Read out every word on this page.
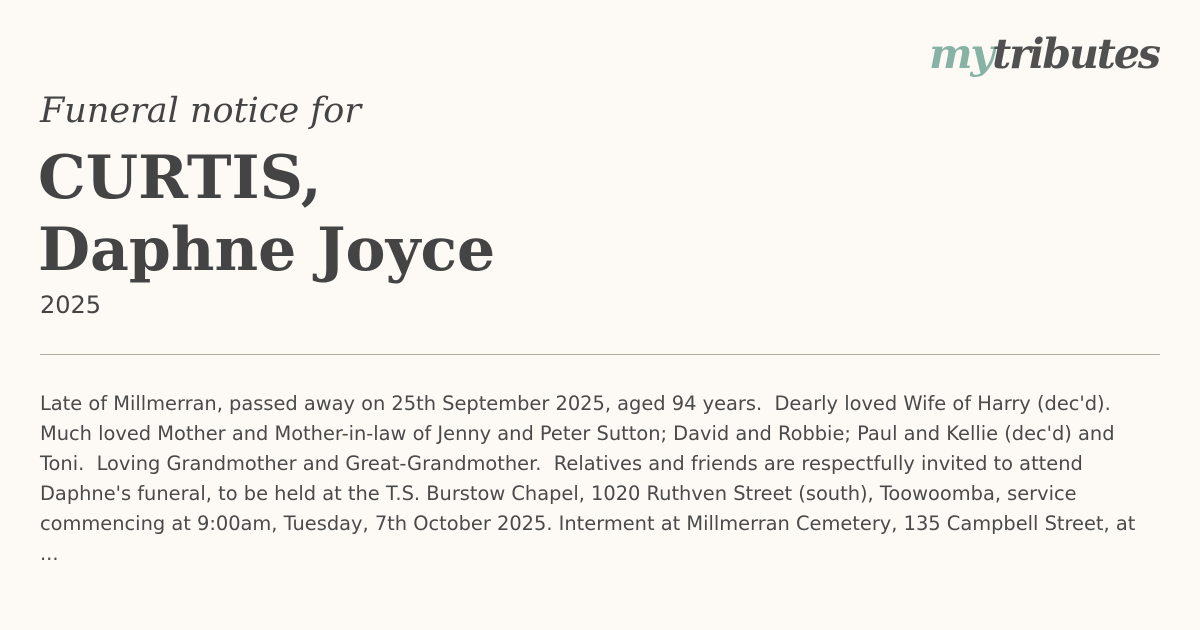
mytributes
Funeral notice for
CURTIS,
Daphne Joyce
2025

Late of Millmerran, passed away on 25th September 2025, aged 94 years.  Dearly loved Wife of Harry (dec'd).
Much loved Mother and Mother-in-law of Jenny and Peter Sutton; David and Robbie; Paul and Kellie (dec'd) and
Toni.  Loving Grandmother and Great-Grandmother.  Relatives and friends are respectfully invited to attend
Daphne's funeral, to be held at the T.S. Burstow Chapel, 1020 Ruthven Street (south), Toowoomba, service
commencing at 9:00am, Tuesday, 7th October 2025. Interment at Millmerran Cemetery, 135 Campbell Street, at
...
